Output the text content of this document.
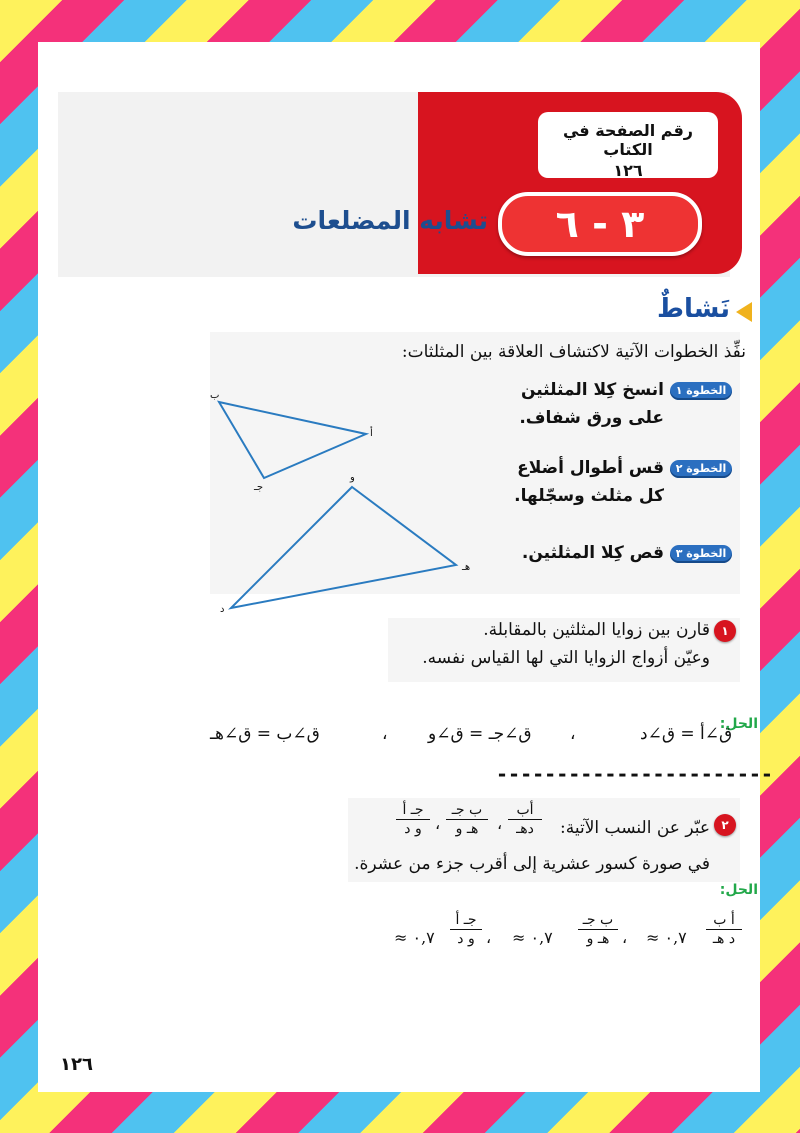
رقم الصفحة في الكتاب
١٢٦
٣ - ٦
تشابه المضلعات
نَشاطٌ
نفِّذ الخطوات الآتية لاكتشاف العلاقة بين المثلثات:
الخطوة ١
انسخ كِلا المثلثين
على ورق شفاف.
الخطوة ٢
قس أطوال أضلاع
كل مثلث وسجّلها.
الخطوة ٣
قص كِلا المثلثين.
ب
أ
جـ
و
هـ
د
١
قارن بين زوايا المثلثين بالمقابلة.
وعيّن أزواج الزوايا التي لها القياس نفسه.
الحل:
ق∠أ = ق∠د
،
ق∠جـ = ق∠و
،
ق∠ب = ق∠هـ
-----------------------
٢
عبّر عن النسب الآتية:
أب
دهـ
،
ب جـ
هـ و
،
جـ أ
و د
في صورة كسور عشرية إلى أقرب جزء من عشرة.
الحل:
أ ب
د هـ
≈ ٠,٧
،
ب جـ
هـ و
≈ ٠,٧
،
جـ أ
و د
≈ ٠,٧
١٢٦
